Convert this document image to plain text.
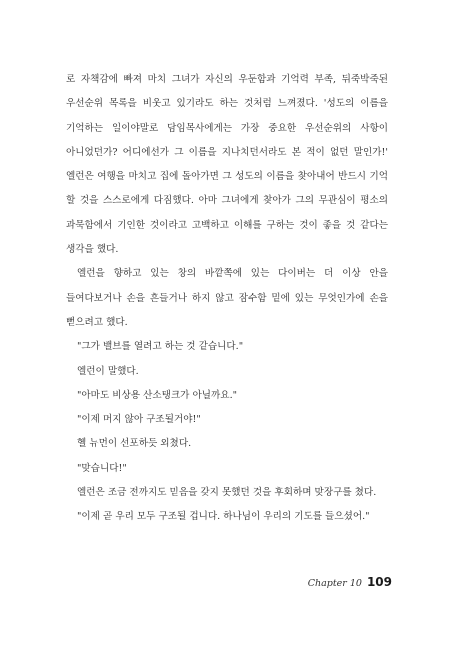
로 자책감에 빠져 마치 그녀가 자신의 우둔함과 기억력 부족, 뒤죽박죽된 우선순위 목록을 비웃고 있기라도 하는 것처럼 느껴졌다. '성도의 이름을 기억하는 일이야말로 담임목사에게는 가장 중요한 우선순위의 사항이 아니었던가? 어디에선가 그 이름을 지나치던서라도 본 적이 없던 말인가!' 엘런은 여행을 마치고 집에 돌아가면 그 성도의 이름을 찾아내어 반드시 기억 할 것을 스스로에게 다짐했다. 아마 그녀에게 찾아가 그의 무관심이 평소의 과묵함에서 기인한 것이라고 고백하고 이해를 구하는 것이 좋을 것 같다는 생각을 했다.

엘런을 향하고 있는 창의 바깥쪽에 있는 다이버는 더 이상 안을 들여다보거나 손을 흔들거나 하지 않고 잠수함 밑에 있는 무엇인가에 손을 뻗으려고 했다.

"그가 밸브를 열려고 하는 것 같습니다."

엘런이 말했다.

"아마도 비상용 산소탱크가 아닐까요."

"이제 머지 않아 구조될거야!"

헬 뉴먼이 선포하듯 외쳤다.

"맞습니다!"

엘런은 조금 전까지도 믿음을 갖지 못했던 것을 후회하며 맞장구를 쳤다.

"이제 곧 우리 모두 구조될 겁니다. 하나님이 우리의 기도를 들으셨어."

Chapter 10 109
